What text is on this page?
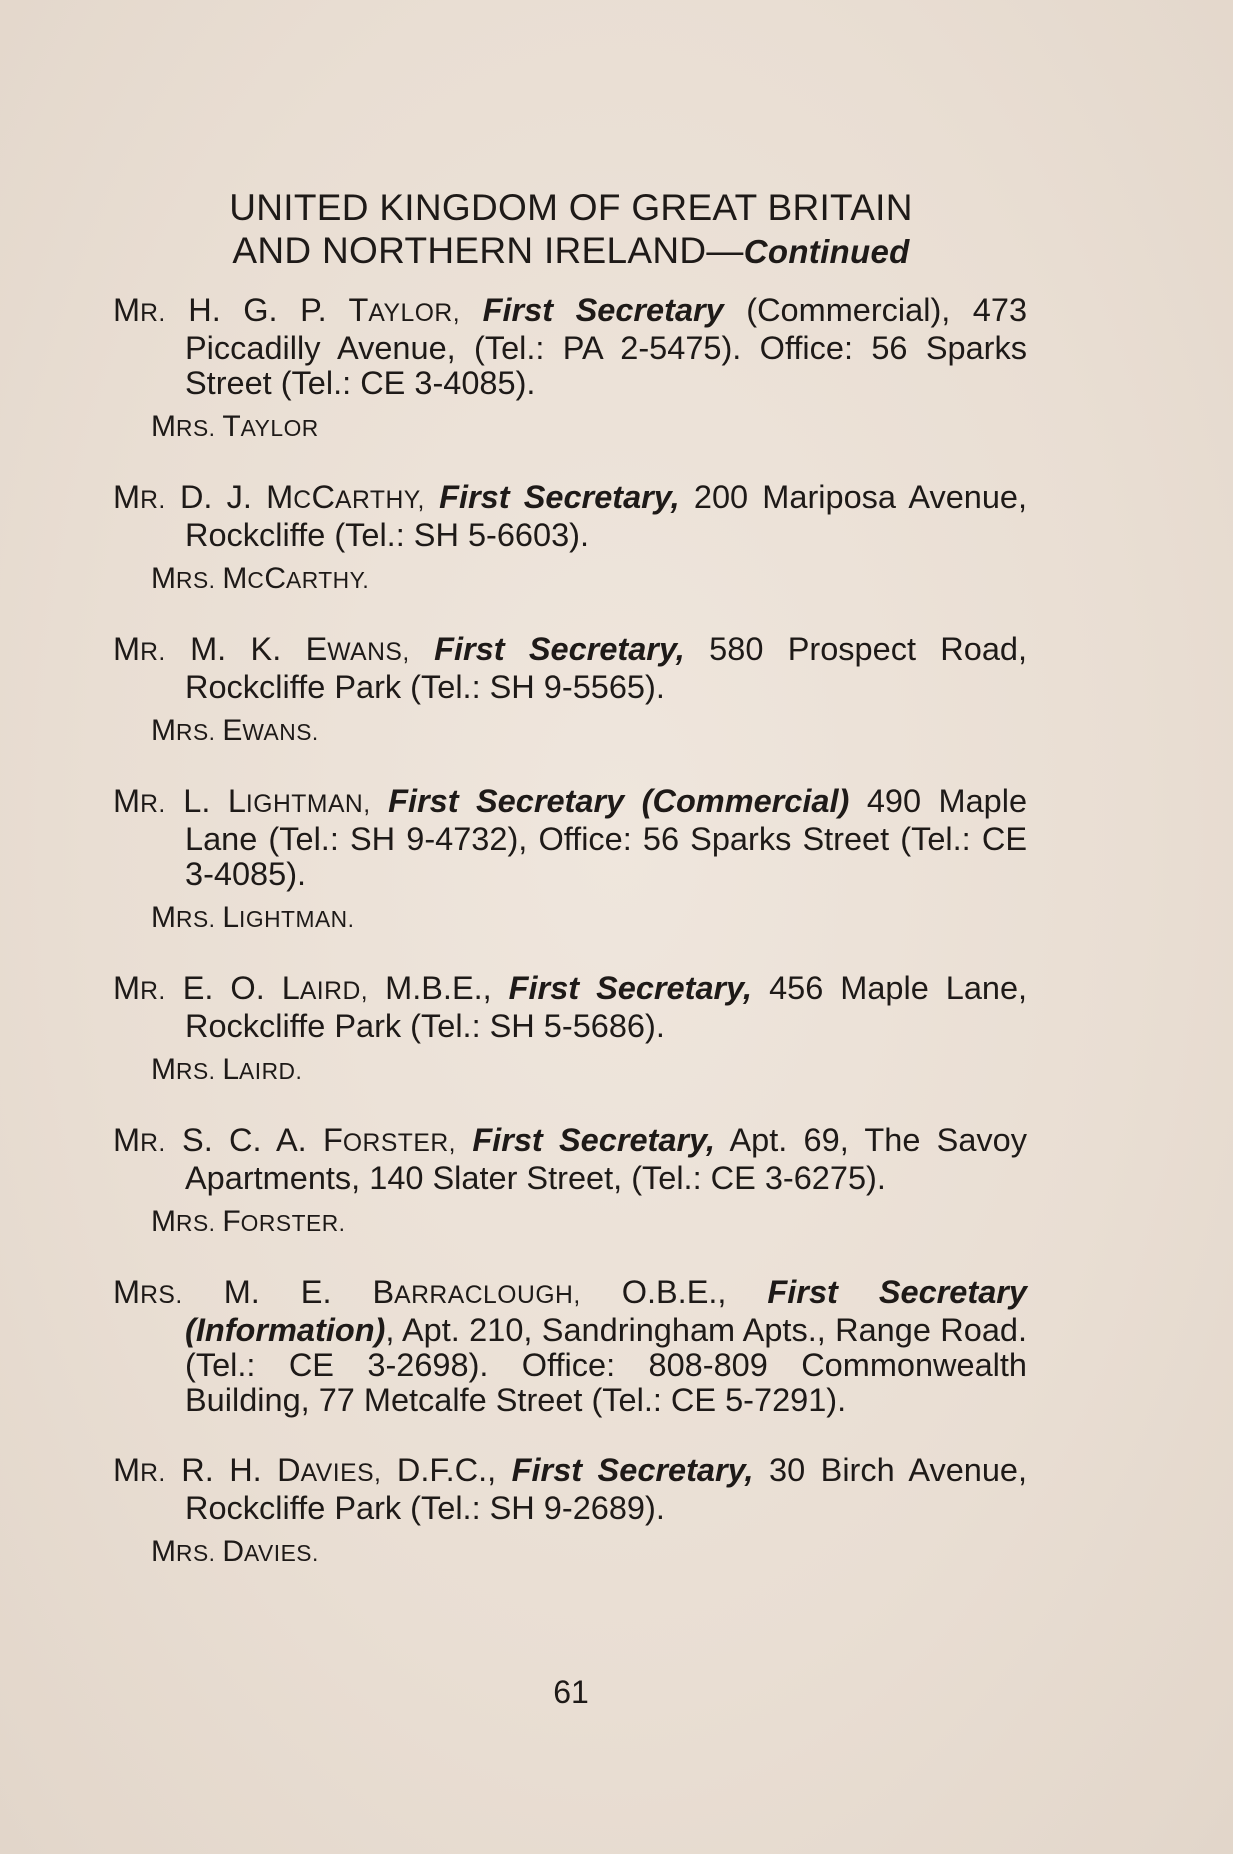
UNITED KINGDOM OF GREAT BRITAIN
AND NORTHERN IRELAND—Continued
MR. H. G. P. TAYLOR, First Secretary (Commercial), 473 Piccadilly Avenue, (Tel.: PA 2-5475). Office: 56 Sparks Street (Tel.: CE 3-4085).
MRS. TAYLOR
MR. D. J. MCCARTHY, First Secretary, 200 Mariposa Avenue, Rockcliffe (Tel.: SH 5-6603).
MRS. MCCARTHY.
MR. M. K. EWANS, First Secretary, 580 Prospect Road, Rockcliffe Park (Tel.: SH 9-5565).
MRS. EWANS.
MR. L. LIGHTMAN, First Secretary (Commercial) 490 Maple Lane (Tel.: SH 9-4732), Office: 56 Sparks Street (Tel.: CE 3-4085).
MRS. LIGHTMAN.
MR. E. O. LAIRD, M.B.E., First Secretary, 456 Maple Lane, Rockcliffe Park (Tel.: SH 5-5686).
MRS. LAIRD.
MR. S. C. A. FORSTER, First Secretary, Apt. 69, The Savoy Apartments, 140 Slater Street, (Tel.: CE 3-6275).
MRS. FORSTER.
MRS. M. E. BARRACLOUGH, O.B.E., First Secretary (Information), Apt. 210, Sandringham Apts., Range Road. (Tel.: CE 3-2698). Office: 808-809 Commonwealth Building, 77 Metcalfe Street (Tel.: CE 5-7291).
MR. R. H. DAVIES, D.F.C., First Secretary, 30 Birch Avenue, Rockcliffe Park (Tel.: SH 9-2689).
MRS. DAVIES.
61
